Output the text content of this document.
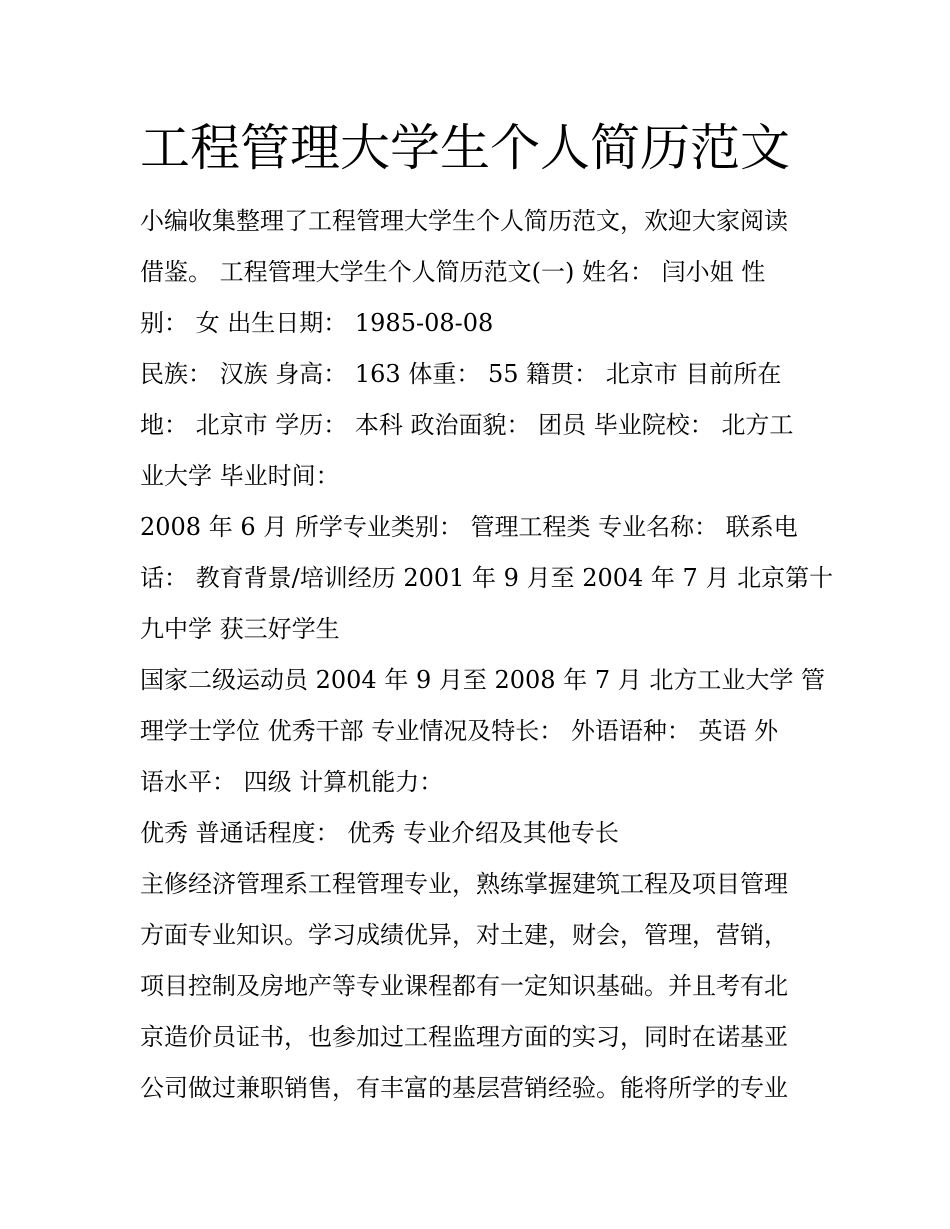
工程管理大学生个人简历范文

小编收集整理了工程管理大学生个人简历范文，欢迎大家阅读

借鉴。 工程管理大学生个人简历范文(一) 姓名： 闫小姐 性

别： 女 出生日期： 1985-08-08

民族： 汉族 身高： 163 体重： 55 籍贯： 北京市 目前所在

地： 北京市 学历： 本科 政治面貌： 团员 毕业院校： 北方工

业大学 毕业时间：

2008 年 6 月 所学专业类别： 管理工程类 专业名称： 联系电

话： 教育背景/培训经历 2001 年 9 月至 2004 年 7 月 北京第十

九中学 获三好学生

国家二级运动员 2004 年 9 月至 2008 年 7 月 北方工业大学 管

理学士学位 优秀干部 专业情况及特长： 外语语种： 英语 外

语水平： 四级 计算机能力：

优秀 普通话程度： 优秀 专业介绍及其他专长

主修经济管理系工程管理专业，熟练掌握建筑工程及项目管理

方面专业知识。学习成绩优异，对土建，财会，管理，营销，

项目控制及房地产等专业课程都有一定知识基础。并且考有北

京造价员证书，也参加过工程监理方面的实习，同时在诺基亚

公司做过兼职销售，有丰富的基层营销经验。能将所学的专业
